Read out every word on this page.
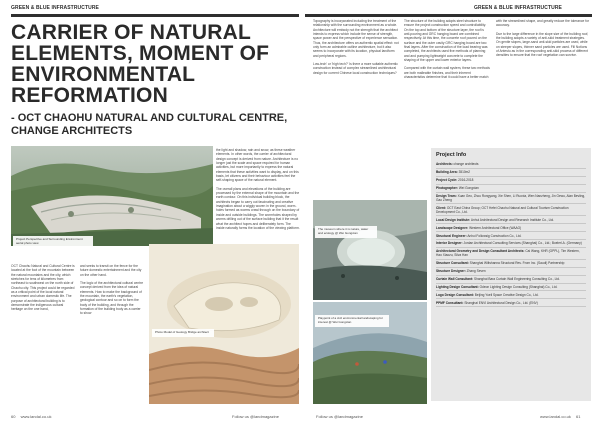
GREEN & BLUE INFRASTRUCTURE	GREEN & BLUE INFRASTRUCTURE
CARRIER OF NATURAL ELEMENTS, MOMENT OF ENVIRONMENTAL REFORMATION
- OCT CHAOHU NATURAL AND CULTURAL CENTRE, CHANGE ARCHITECTS
Project Perspective and Surrounding Environment aerial photo view

OCT Chaohu Natural and Cultural Centre is located at the foot of the mountain between the natural mountains and the city, which stretches for tens of kilometres from northeast to southwest on the north side of Chaohu city. This project could be regarded as a critical point of the local natural environment and urban domestic life. The purpose of architectural building is to demonstrate the indigenous cultural heritage on the one hand,

and seeks to transit on the fence for the future domestic entertainment and the city on the other hand.

The logic of the architectural cultural centre concept derived from the idea of natural elements. How to make the background of the mountain, the earth's vegetation, geological contour and so on to form the body of the building, and through the formation of the building body as a carrier to show

Photo Model of Geology Bridge architect

the light and shadow, rain and snow, as these weather elements. In other words, the carrier of architectural design concept is derived from nature. Architecture is no longer just the scale and space required for human activities, but more importantly to express the natural elements that these activities want to display, and on this basis, let citizens and their behaviour activities feel the self-shaping space of the natural element.

The overall plans and elevations of the building are processed by the external shape of the mountain and the earth contour. On this individual building block, the architects began to carry out fascinating and creative imagination about a wiggly woven in the ground, worm-holes formed as worms crawl through on the boundary of inside and outside buildings. The wormholes shaped by worms drilling out of the surface building that it the result what the architect hopes and deliberately form. The inside naturally forms the location of the viewing platform.

Topography is incorporated including the treatment of the relationship with the surrounding environment as a whole. Architecture will embody not the strength that the architect intends to express which include the sense of strength, space power and the perspective of experience sensation. Thus, the architecture offers an authentic spatial effect: not only form an admirable outline architecture, but it also seems to incorporate with its location, physical landform and peripheral regions.

Low-tech' or 'high tech?' Is there a more suitable authentic construction instead of complex streamlined architectural design for current Chinese local construction techniques?

The structure of the building adopts steel structure to ensure the project construction speed and controllability. On the top and bottom of the structure layer, the roof is anti-pouring and GRC hanging board are combined respectively. At this time, the concrete roof poured on the surface and the outer cavity GRC hanging board are two final layers. After the construction of the load bearing was completed, the architects used five methods of planning and and pumping lightweight concrete to complete the shaping of the upper and lower exterior layers.

Compared with the curtain wall system, these two methods are both malleable finishes, and their inherent characteristics determine that it could have a better match

with the streamlined shape, and greatly reduce the tolerance for accuracy.

Due to the large difference in the slope size of the building roof, the building adopts a variety of anti-skid treatment strategies. On gentle slopes, large-sand anti-skid particles are used, while on steeper slopes, thinner sand particles are used. Fill Notions of Antestu as in the corresponding anti-skid process of different densities to ensure that the roof vegetation can survive.

The museum where it is nature, water and ecology @ Wei Gongxian
Playpoint of a civil environmental landscaping for interest @ Wei Gongxian
Project Info
Architects: change architects
Building Area: 3510m2
Project Cycle: 2016-2018
Photographer: Wei Gongxian
Design Team: Xuan Geo, Zhou Rongyang, Xie Shen, Li Ruoxia, Wen Nanzheng, Jin Gewu, Alan Bevling, Gao Zheng
Client: OCT East China Group; OCT Hefei Chaohu Natural and Cultural Tourism Construction Development Co., Ltd.
Local Design Institute: Anhui Architectural Design and Research Institute Co., Ltd.
Landscape Designer: Western Architectural Office (WAAO)
Structural Engineer: Anhui Followsig Construction Co., Ltd.
Interior Designer: Jordan Architectural Consulting Services (Shanghai) Co., Ltd.; Boelerl.A. (Germany)
Architectural Geometry and Design Consultant Architects: Cai Wang, KHR (GPPL), Tim Western, Hao Xiaozu, Silva Han
Structure Consultant: Shanghai Wiltshanna Structural Res. From Inc. (Saudi) Partnership
Structure Designer: Zhang Seven
Curtain Wall Consultant: Shanghai Bara Curtain Wall Engineering Consulting Co., Ltd.
Lighting Design Consultant: Odeon Lighting Design Consulting (Shanghai) Co., Ltd.
Logo Design Consultant: Beijing Yueli Space Creative Design Co., Ltd.
PPMF Consultant: Shanghai ENVI Architectural Design Co., Ltd. (ENV)
60 www.landal.co.uk	Follow us @landmagazine	Follow us @landmagazine	www.landal.co.uk 61
